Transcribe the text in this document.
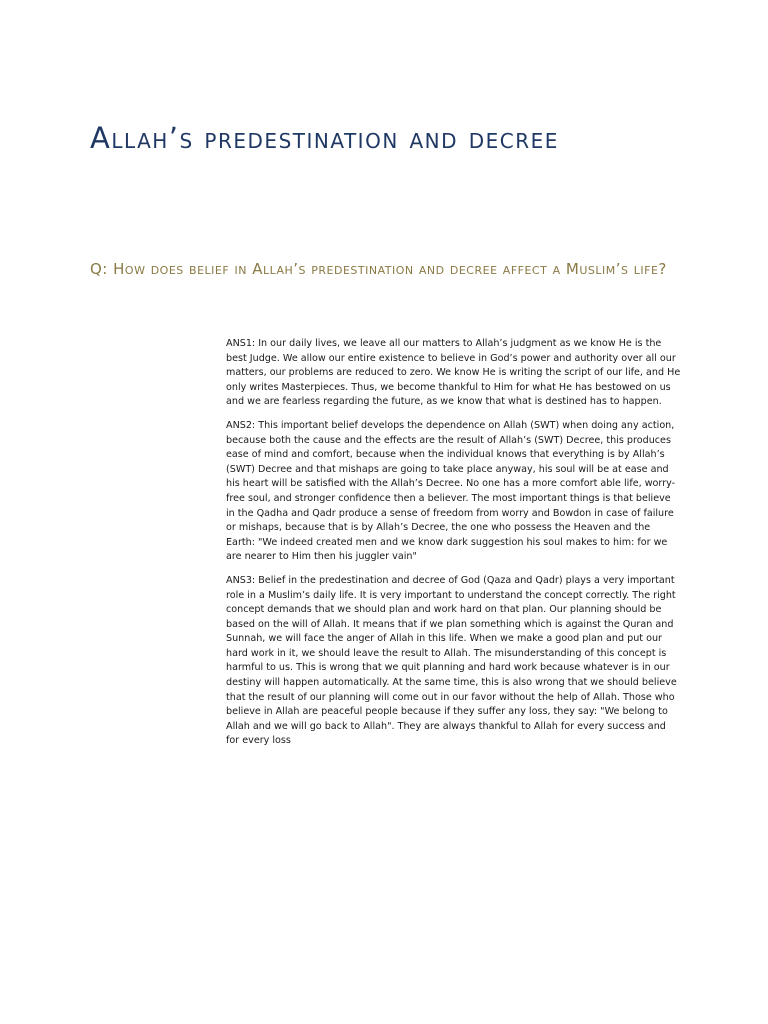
Allah’s predestination and decree
Q: How does belief in Allah’s predestination and decree affect a Muslim’s life?

ANS1: In our daily lives, we leave all our matters to Allah’s judgment as we know He is the best Judge. We allow our entire existence to believe in God’s power and authority over all our matters, our problems are reduced to zero. We know He is writing the script of our life, and He only writes Masterpieces. Thus, we become thankful to Him for what He has bestowed on us and we are fearless regarding the future, as we know that what is destined has to happen.

ANS2: This important belief develops the dependence on Allah (SWT) when doing any action, because both the cause and the effects are the result of Allah’s (SWT) Decree, this produces ease of mind and comfort, because when the individual knows that everything is by Allah’s (SWT) Decree and that mishaps are going to take place anyway, his soul will be at ease and his heart will be satisfied with the Allah’s Decree. No one has a more comfort able life, worry-free soul, and stronger confidence then a believer. The most important things is that believe in the Qadha and Qadr produce a sense of freedom from worry and Bowdon in case of failure or mishaps, because that is by Allah’s Decree, the one who possess the Heaven and the Earth: "We indeed created men and we know dark suggestion his soul makes to him: for we are nearer to Him then his juggler vain"

ANS3: Belief in the predestination and decree of God (Qaza and Qadr) plays a very important role in a Muslim’s daily life. It is very important to understand the concept correctly. The right concept demands that we should plan and work hard on that plan. Our planning should be based on the will of Allah. It means that if we plan something which is against the Quran and Sunnah, we will face the anger of Allah in this life. When we make a good plan and put our hard work in it, we should leave the result to Allah. The misunderstanding of this concept is harmful to us. This is wrong that we quit planning and hard work because whatever is in our destiny will happen automatically. At the same time, this is also wrong that we should believe that the result of our planning will come out in our favor without the help of Allah. Those who believe in Allah are peaceful people because if they suffer any loss, they say: "We belong to Allah and we will go back to Allah". They are always thankful to Allah for every success and for every loss
